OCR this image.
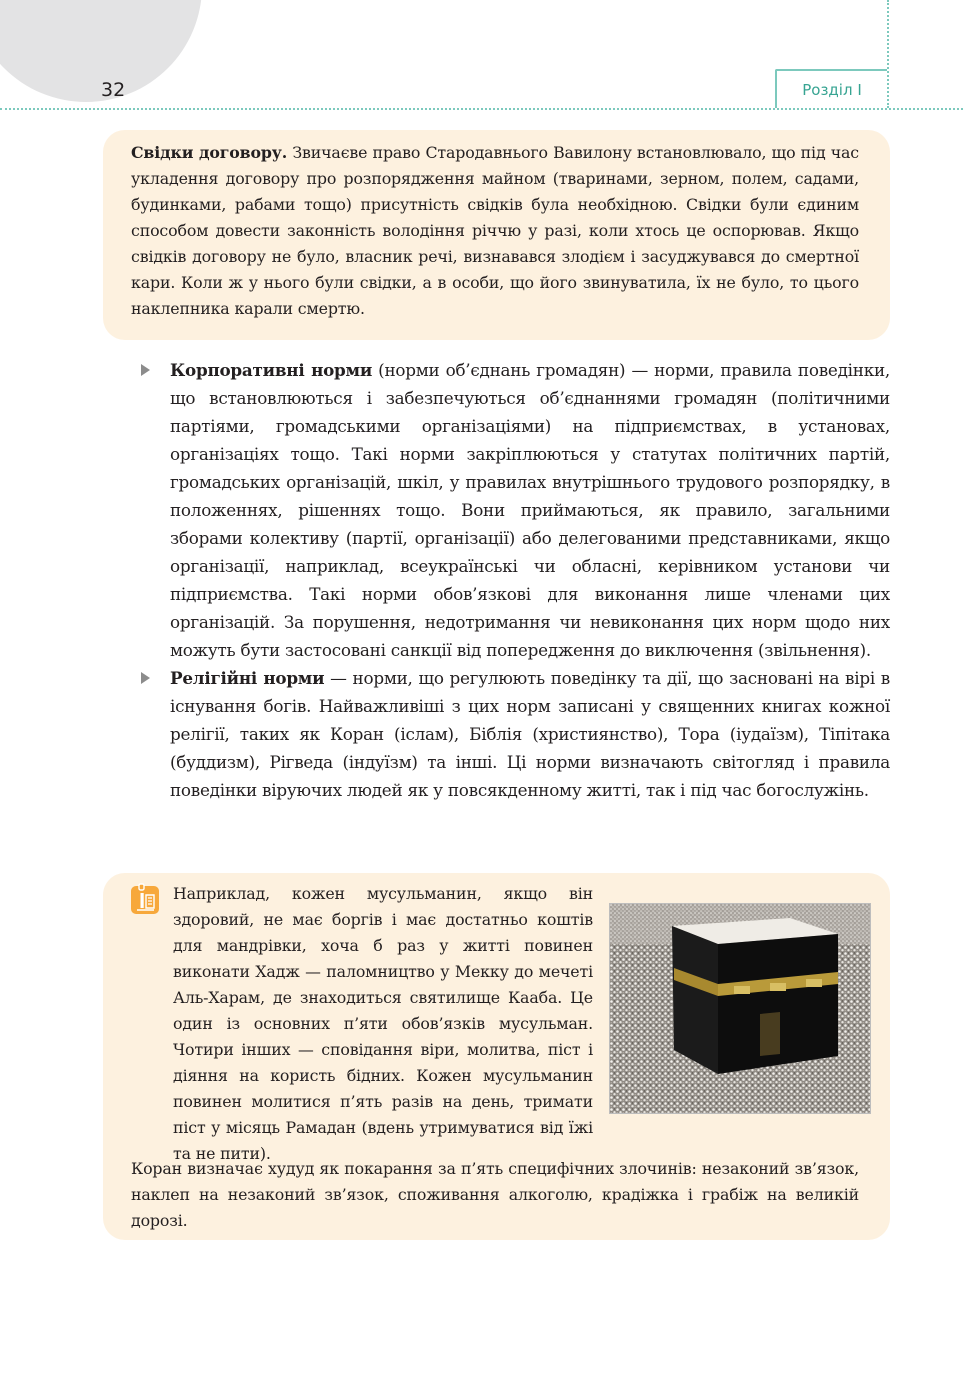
32	Розділ І

Свідки договору. Звичаєве право Стародавнього Вавилону встановлювало, що під час укладення договору про розпорядження майном (тваринами, зерном, полем, садами, будинками, рабами тощо) присутність свідків була необхідною. Свідки були єдиним способом довести законність володіння річчю у разі, коли хтось це оспорював. Якщо свідків договору не було, власник речі, визнавався злодієм і засуджувався до смертної кари. Коли ж у нього були свідки, а в особи, що його звинуватила, їх не було, то цього наклепника карали смертю.

Корпоративні норми (норми об’єднань громадян) — норми, правила поведінки, що встановлюються і забезпечуються об’єднаннями громадян (політичними партіями, громадськими організаціями) на підприємствах, в установах, організаціях тощо. Такі норми закріплюються у статутах політичних партій, громадських організацій, шкіл, у правилах внутрішнього трудового розпорядку, в положеннях, рішеннях тощо. Вони приймаються, як правило, загальними зборами колективу (партії, організації) або делегованими представниками, якщо організації, наприклад, всеукраїнські чи обласні, керівником установи чи підприємства. Такі норми обов’язкові для виконання лише членами цих організацій. За порушення, недотримання чи невиконання цих норм щодо них можуть бути застосовані санкції від попередження до виключення (звільнення).

Релігійні норми — норми, що регулюють поведінку та дії, що засновані на вірі в існування богів. Найважливіші з цих норм записані у священних книгах кожної релігії, таких як Коран (іслам), Біблія (християнство), Тора (іудаїзм), Тіпітака (буддизм), Рігведа (індуїзм) та інші. Ці норми визначають світогляд і правила поведінки віруючих людей як у повсякденному житті, так і під час богослужінь.

Наприклад, кожен мусульманин, якщо він здоровий, не має боргів і має достатньо коштів для мандрівки, хоча б раз у житті повинен виконати Хадж — паломництво у Мекку до мечеті Аль-Харам, де знаходиться святилище Кааба. Це один із основних п’яти обов’язків мусульман. Чотири інших — сповідання віри, молитва, піст і діяння на користь бідних. Кожен мусульманин повинен молитися п’ять разів на день, тримати піст у місяць Рамадан (вдень утримуватися від їжі та не пити).

Коран визначає худуд як покарання за п’ять специфічних злочинів: незаконий зв’язок, наклеп на незаконий зв’язок, споживання алкоголю, крадіжка і грабіж на великій дорозі.
